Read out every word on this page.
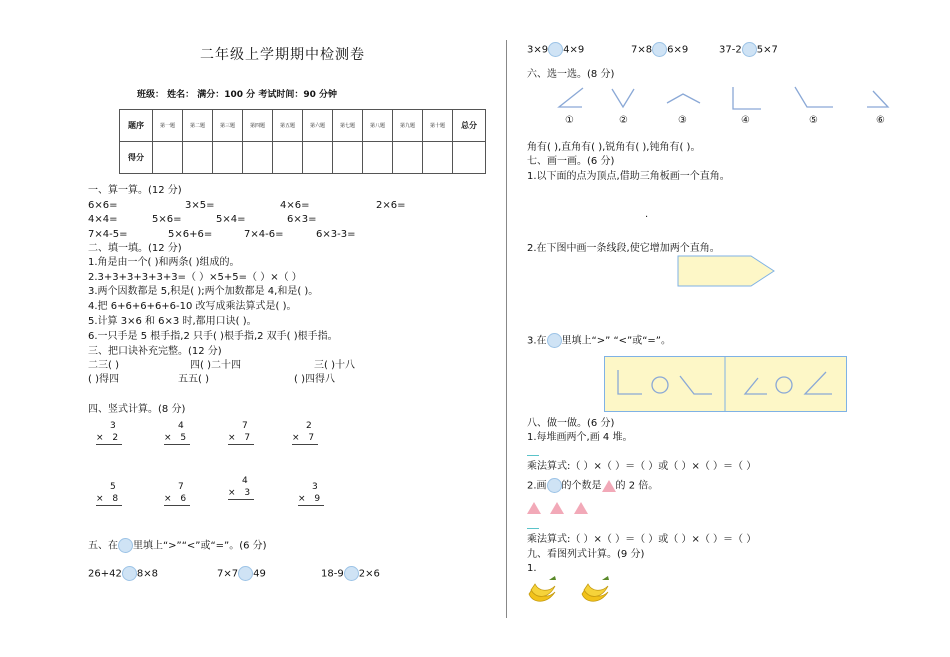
二年级上学期期中检测卷
班级： 姓名： 满分：100 分 考试时间：90 分钟
题序	第一题	第二题	第三题	第四题	第五题	第六题	第七题	第八题	第九题	第十题	总分
得分											
一、算一算。(12 分)
6×6=	3×5=	4×6=	2×6=
4×4=	5×6=	5×4=	6×3=
7×4-5=	5×6+6=	7×4-6=	6×3-3=
二、填一填。(12 分)
1.角是由一个( )和两条( )组成的。
2.3+3+3+3+3+3=（ ）×5+5=（ ）×（ ）
3.两个因数都是 5,积是( );两个加数都是 4,和是( )。
4.把 6+6+6+6+6-10 改写成乘法算式是( )。
5.计算 3×6 和 6×3 时,都用口诀( )。
6.一只手是 5 根手指,2 只手( )根手指,2 双手( )根手指。
三、把口诀补充完整。(12 分)
二三( )	四( )二十四	三( )十八
( )得四	五五( )	( )四得八
四、竖式计算。(8 分)
3
× 2
4
× 5
7
× 7
2
× 7
5
× 8
7
× 6
4
× 3
3
× 9
五、在 里填上“>”“<”或“=”。(6 分)
26+42 8×8	7×7 49	18-9 2×6
3×9 4×9	7×8 6×9	37-2 5×7
六、选一选。(8 分)
①	②	③	④	⑤	⑥
角有( ),直角有( ),锐角有( ),钝角有( )。
七、画一画。(6 分)
1.以下面的点为顶点,借助三角板画一个直角。
·
2.在下图中画一条线段,使它增加两个直角。
3.在 里填上“>” “<”或“=”。
八、做一做。(6 分)
1.每堆画两个,画 4 堆。
乘法算式:（ ）×（ ）＝（ ）或（ ）×（ ）＝（ ）
2.画 的个数是 的 2 倍。
乘法算式:（ ）×（ ）＝（ ）或（ ）×（ ）＝（ ）
九、看图列式计算。(9 分)
1.
